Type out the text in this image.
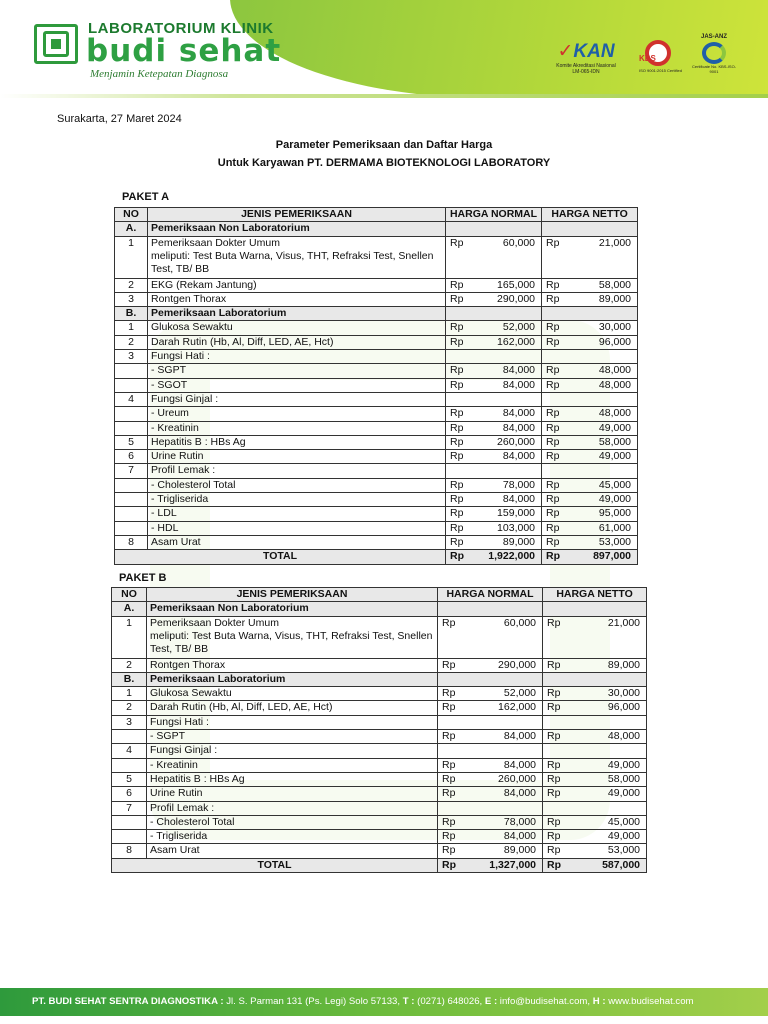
LABORATORIUM KLINIK
budi sehat
Menjamin Ketepatan Diagnosa
✓KAN
Komite Akreditasi Nasional
LM-065-IDN
KBS
ISO 9001:2015 Certified
JAS-ANZ
Certificate No. KBS-ISO-9001
Surakarta, 27 Maret 2024
Parameter Pemeriksaan dan Daftar Harga
Untuk Karyawan PT. DERMAMA BIOTEKNOLOGI LABORATORY
PAKET A
NO	JENIS PEMERIKSAAN	HARGA NORMAL		HARGA NETTO	
A.	Pemeriksaan Non Laboratorium				
1	Pemeriksaan Dokter Umum
meliputi: Test Buta Warna, Visus, THT, Refraksi Test, Snellen Test, TB/ BB	Rp	60,000	Rp	21,000
2	EKG (Rekam Jantung)	Rp	165,000	Rp	58,000
3	Rontgen Thorax	Rp	290,000	Rp	89,000
B.	Pemeriksaan Laboratorium				
1	Glukosa Sewaktu	Rp	52,000	Rp	30,000
2	Darah Rutin (Hb, Al, Diff, LED, AE, Hct)	Rp	162,000	Rp	96,000
3	Fungsi Hati :				
	- SGPT	Rp	84,000	Rp	48,000
	- SGOT	Rp	84,000	Rp	48,000
4	Fungsi Ginjal :				
	- Ureum	Rp	84,000	Rp	48,000
	- Kreatinin	Rp	84,000	Rp	49,000
5	Hepatitis B : HBs Ag	Rp	260,000	Rp	58,000
6	Urine Rutin	Rp	84,000	Rp	49,000
7	Profil Lemak :				
	- Cholesterol Total	Rp	78,000	Rp	45,000
	- Trigliserida	Rp	84,000	Rp	49,000
	- LDL	Rp	159,000	Rp	95,000
	- HDL	Rp	103,000	Rp	61,000
8	Asam Urat	Rp	89,000	Rp	53,000
TOTAL		Rp	1,922,000	Rp	897,000
PAKET B
NO	JENIS PEMERIKSAAN	HARGA NORMAL		HARGA NETTO	
A.	Pemeriksaan Non Laboratorium				
1	Pemeriksaan Dokter Umum
meliputi: Test Buta Warna, Visus, THT, Refraksi Test, Snellen Test, TB/ BB	Rp	60,000	Rp	21,000
2	Rontgen Thorax	Rp	290,000	Rp	89,000
B.	Pemeriksaan Laboratorium				
1	Glukosa Sewaktu	Rp	52,000	Rp	30,000
2	Darah Rutin (Hb, Al, Diff, LED, AE, Hct)	Rp	162,000	Rp	96,000
3	Fungsi Hati :				
	- SGPT	Rp	84,000	Rp	48,000
4	Fungsi Ginjal :				
	- Kreatinin	Rp	84,000	Rp	49,000
5	Hepatitis B : HBs Ag	Rp	260,000	Rp	58,000
6	Urine Rutin	Rp	84,000	Rp	49,000
7	Profil Lemak :				
	- Cholesterol Total	Rp	78,000	Rp	45,000
	- Trigliserida	Rp	84,000	Rp	49,000
8	Asam Urat	Rp	89,000	Rp	53,000
TOTAL		Rp	1,327,000	Rp	587,000
PT. BUDI SEHAT SENTRA DIAGNOSTIKA : Jl. S. Parman 131 (Ps. Legi) Solo 57133, T : (0271) 648026, E : info@budisehat.com, H : www.budisehat.com
